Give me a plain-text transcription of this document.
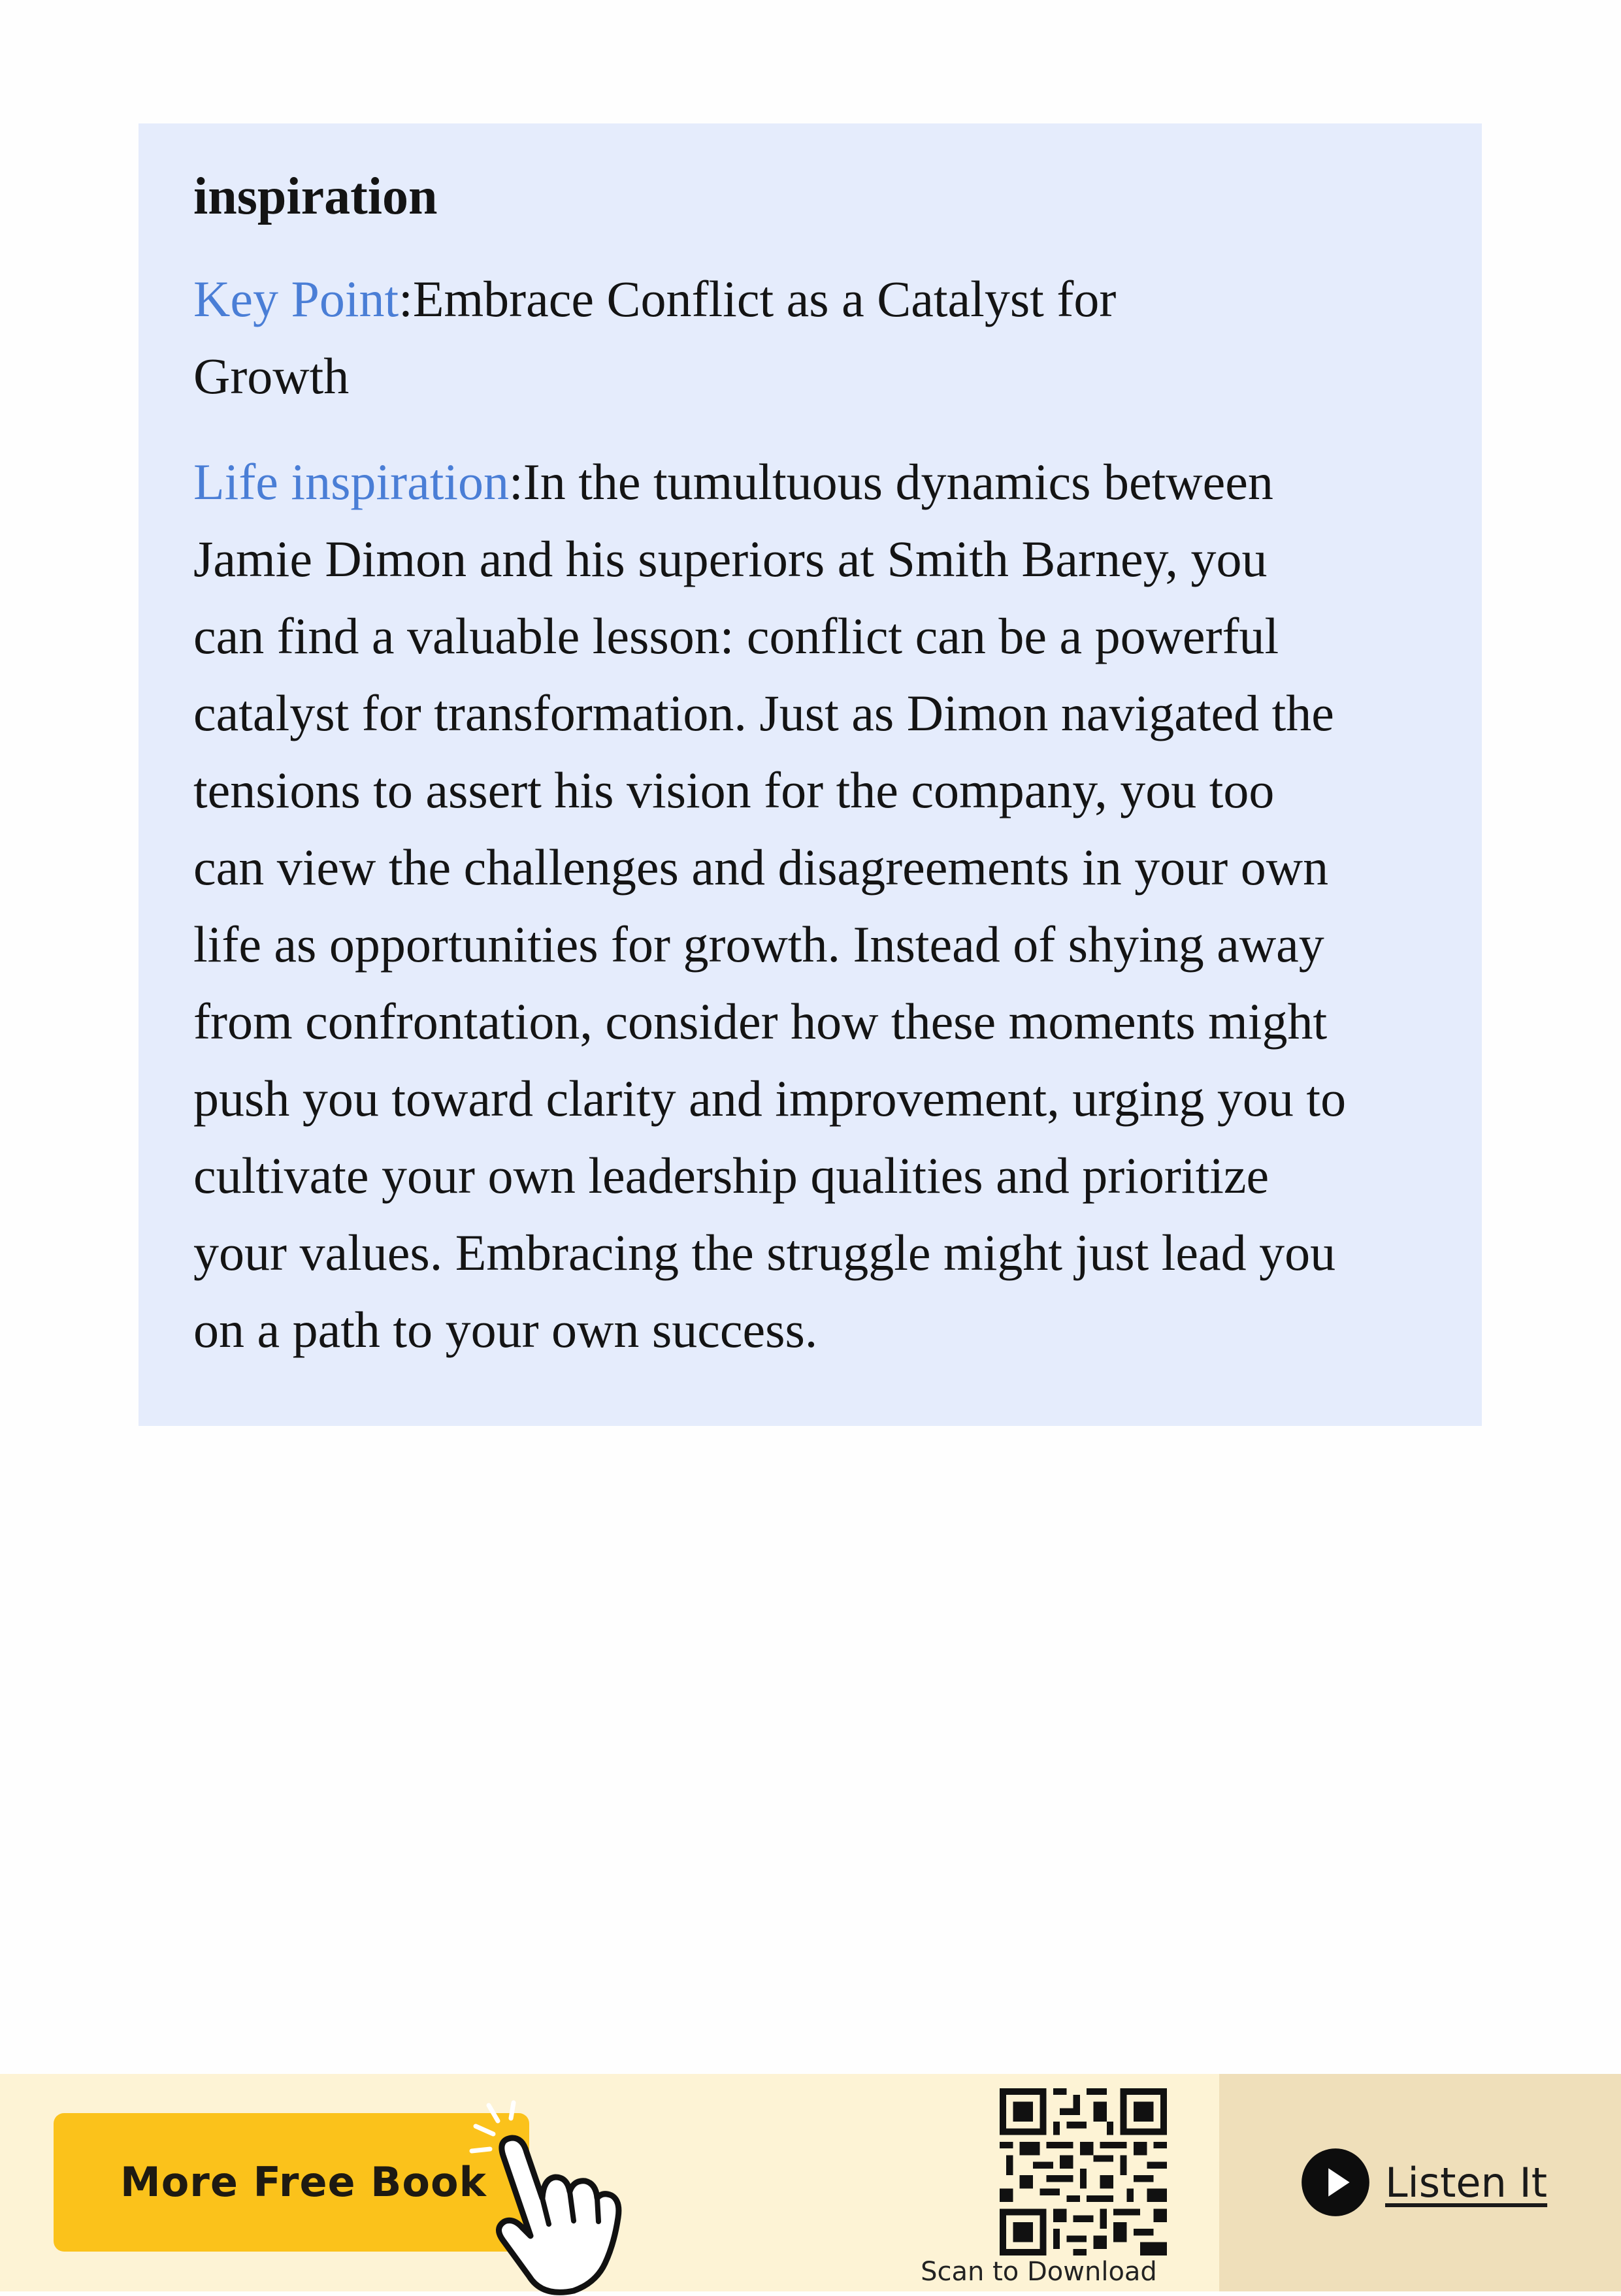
inspiration
Key Point:Embrace Conflict as a Catalyst for
Growth
Life inspiration:In the tumultuous dynamics between
Jamie Dimon and his superiors at Smith Barney, you
can find a valuable lesson: conflict can be a powerful
catalyst for transformation. Just as Dimon navigated the
tensions to assert his vision for the company, you too
can view the challenges and disagreements in your own
life as opportunities for growth. Instead of shying away
from confrontation, consider how these moments might
push you toward clarity and improvement, urging you to
cultivate your own leadership qualities and prioritize
your values. Embracing the struggle might just lead you
on a path to your own success.
More Free Book
Scan to Download
Listen It
